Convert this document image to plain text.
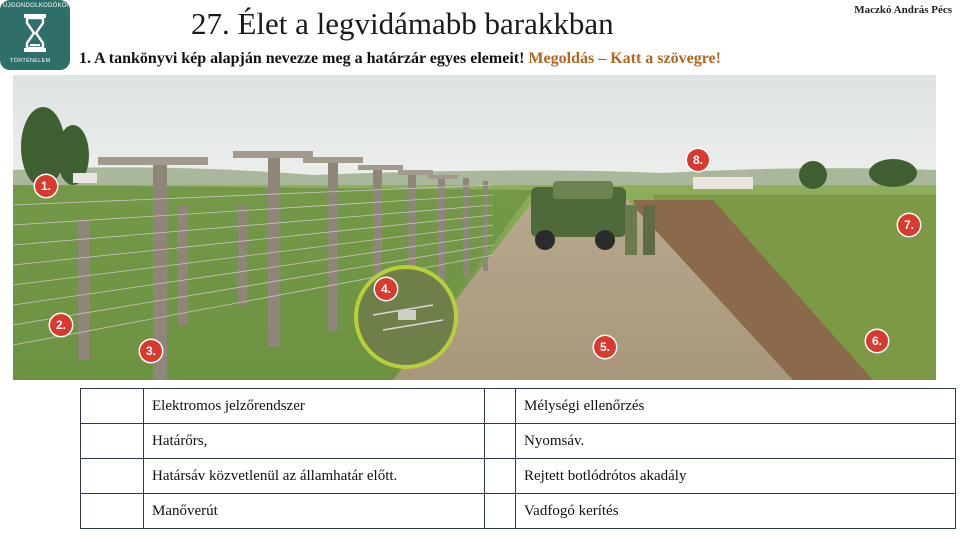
ÚJGONDOLKODÓKÖNYVV
TÖRTÉNELEM
27. Élet a legvidámabb barakkban	Maczkó András Pécs
1. A tankönyvi kép alapján nevezze meg a határzár egyes elemeit! Megoldás – Katt a szövegre!
1.
2.
3.
4.
5.	6.
7.
8.
	Elektromos jelzőrendszer		Mélységi ellenőrzés
	Határőrs,		Nyomsáv.
	Határsáv közvetlenül az államhatár előtt.		Rejtett botlódrótos akadály
	Manőverút		Vadfogó kerítés
